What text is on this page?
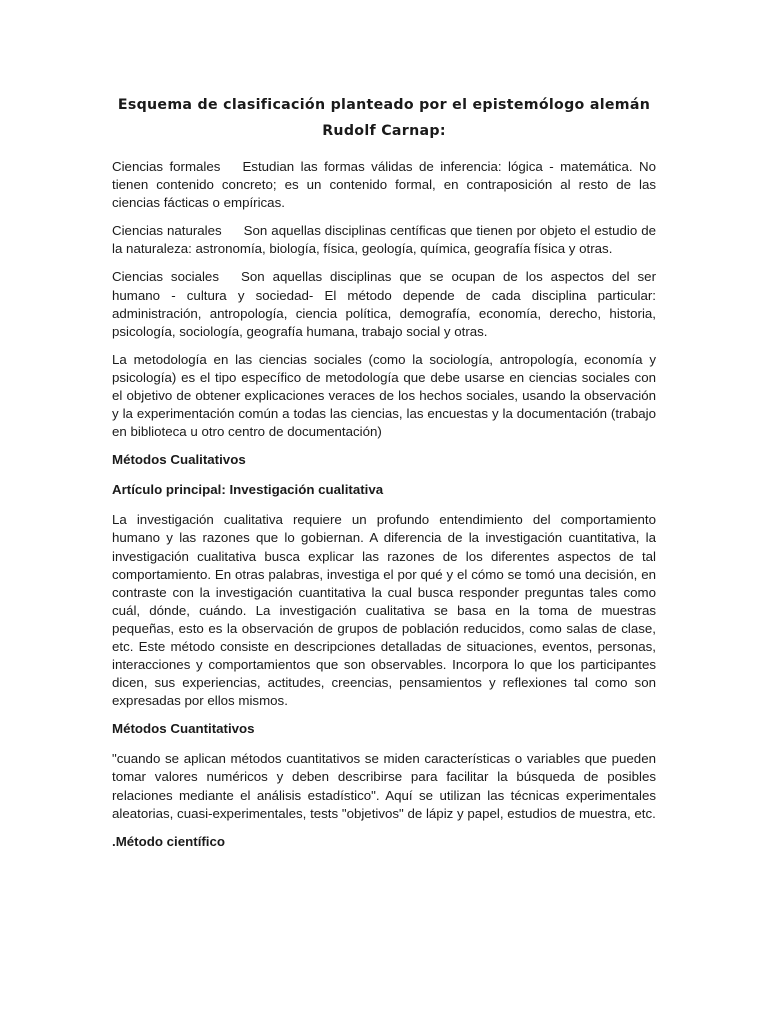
Esquema de clasificación planteado por el epistemólogo alemán
Rudolf Carnap:

Ciencias formales Estudian las formas válidas de inferencia: lógica - matemática. No tienen contenido concreto; es un contenido formal, en contraposición al resto de las ciencias fácticas o empíricas.

Ciencias naturales Son aquellas disciplinas centíficas que tienen por objeto el estudio de la naturaleza: astronomía, biología, física, geología, química, geografía física y otras.

Ciencias sociales Son aquellas disciplinas que se ocupan de los aspectos del ser humano - cultura y sociedad- El método depende de cada disciplina particular: administración, antropología, ciencia política, demografía, economía, derecho, historia, psicología, sociología, geografía humana, trabajo social y otras.

La metodología en las ciencias sociales (como la sociología, antropología, economía y psicología) es el tipo específico de metodología que debe usarse en ciencias sociales con el objetivo de obtener explicaciones veraces de los hechos sociales, usando la observación y la experimentación común a todas las ciencias, las encuestas y la documentación (trabajo en biblioteca u otro centro de documentación)

Métodos Cualitativos
Artículo principal: Investigación cualitativa

La investigación cualitativa requiere un profundo entendimiento del comportamiento humano y las razones que lo gobiernan. A diferencia de la investigación cuantitativa, la investigación cualitativa busca explicar las razones de los diferentes aspectos de tal comportamiento. En otras palabras, investiga el por qué y el cómo se tomó una decisión, en contraste con la investigación cuantitativa la cual busca responder preguntas tales como cuál, dónde, cuándo. La investigación cualitativa se basa en la toma de muestras pequeñas, esto es la observación de grupos de población reducidos, como salas de clase, etc. Este método consiste en descripciones detalladas de situaciones, eventos, personas, interacciones y comportamientos que son observables. Incorpora lo que los participantes dicen, sus experiencias, actitudes, creencias, pensamientos y reflexiones tal como son expresadas por ellos mismos.

Métodos Cuantitativos

"cuando se aplican métodos cuantitativos se miden características o variables que pueden tomar valores numéricos y deben describirse para facilitar la búsqueda de posibles relaciones mediante el análisis estadístico". Aquí se utilizan las técnicas experimentales aleatorias, cuasi-experimentales, tests "objetivos" de lápiz y papel, estudios de muestra, etc.

.Método científico
